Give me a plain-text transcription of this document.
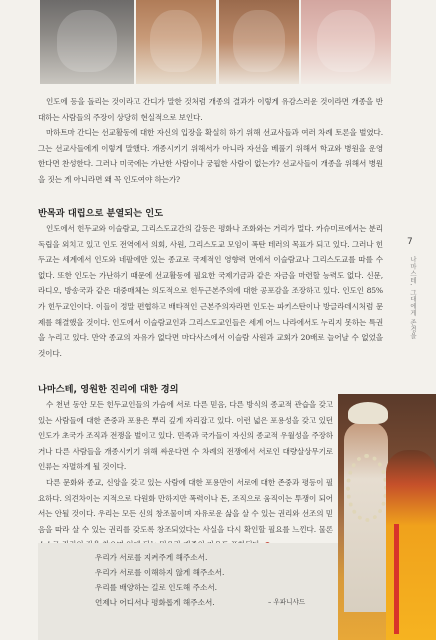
인도에 등을 돌리는 것이라고 간디가 말한 것처럼 개종의 결과가 이렇게 유감스러운 것이라면 개종을 반대하는 사람들의 주장이 상당히 현실적으로 보인다.

마하트마 간디는 선교활동에 대한 자신의 입장을 확실히 하기 위해 선교사들과 여러 차례 토론을 벌였다. 그는 선교사들에게 이렇게 말했다. 개종시키기 위해서가 아니라 자선을 베풀기 위해서 학교와 병원을 운영한다면 찬성한다. 그러나 미국에는 가난한 사람이나 궁핍한 사람이 없는가? 선교사들이 개종을 위해서 병원을 짓는 게 아니라면 왜 꼭 인도여야 하는가?

반목과 대립으로 분열되는 인도

인도에서 힌두교와 이슬람교, 그리스도교간의 갈등은 평화나 조화와는 거리가 멀다. 카슈미르에서는 분리독립을 외치고 있고 인도 전역에서 의회, 사원, 그리스도교 모임이 폭탄 테러의 목표가 되고 있다. 그러나 힌두교는 세계에서 인도와 네팔에만 있는 종교로 국제적인 영향력 면에서 이슬람교나 그리스도교를 따를 수 없다. 또한 인도는 가난하기 때문에 선교활동에 필요한 국제기금과 같은 자금을 마련할 능력도 없다. 신문, 라디오, 방송국과 같은 대중매체는 의도적으로 힌두근본주의에 대한 공포감을 조장하고 있다. 인도인 85%가 힌두교인이다. 이들이 정말 편협하고 배타적인 근본주의자라면 인도는 파키스탄이나 방글라데시처럼 문제를 해결했을 것이다. 인도에서 이슬람교인과 그리스도교인들은 세계 어느 나라에서도 누리지 못하는 특권을 누리고 있다. 만약 종교의 자유가 없다면 마다사스에서 이슬람 사원과 교회가 20배로 늘어날 수 없었을 것이다.

나마스테, 영원한 진리에 대한 경의

수 천년 동안 모든 힌두교인들의 가슴에 서로 다른 믿음, 다른 방식의 종교적 관습을 갖고 있는 사람들에 대한 존중과 포용은 뿌리 깊게 자리잡고 있다. 이런 넓은 포용성을 갖고 있던 인도가 초국가 조직과 전쟁을 벌이고 있다. 민족과 국가들이 자신의 종교적 우월성을 주장하거나 다른 사람들을 개종시키기 위해 싸운다면 수 차례의 전쟁에서 서로인 대량살상무기로 인류는 자멸하게 될 것이다.

다른 문화와 종교, 신앙을 갖고 있는 사람에 대한 포용만이 서로에 대한 존중과 평등이 필요하다. 의견차이는 지적으로 다원화 만하지만 폭력이나 돈, 조직으로 움직이는 투쟁이 되어서는 안될 것이다. 우리는 모든 신의 창조물이며 자유로운 삶을 살 수 있는 권리와 선조의 믿음을 따라 살 수 있는 권리를 갖도록 창조되었다는 사실을 다시 확인할 필요를 느낀다. 물론

7
나마스테, 그대에게 존경을
우리가 서로를 지켜주게 해주소서.
우리가 서로를 이해하지 않게 해주소서.
우리를 배양하는 길로 인도해 주소서.
언제나 어디서나 평화롭게 해주소서.	– 우파니샤드
